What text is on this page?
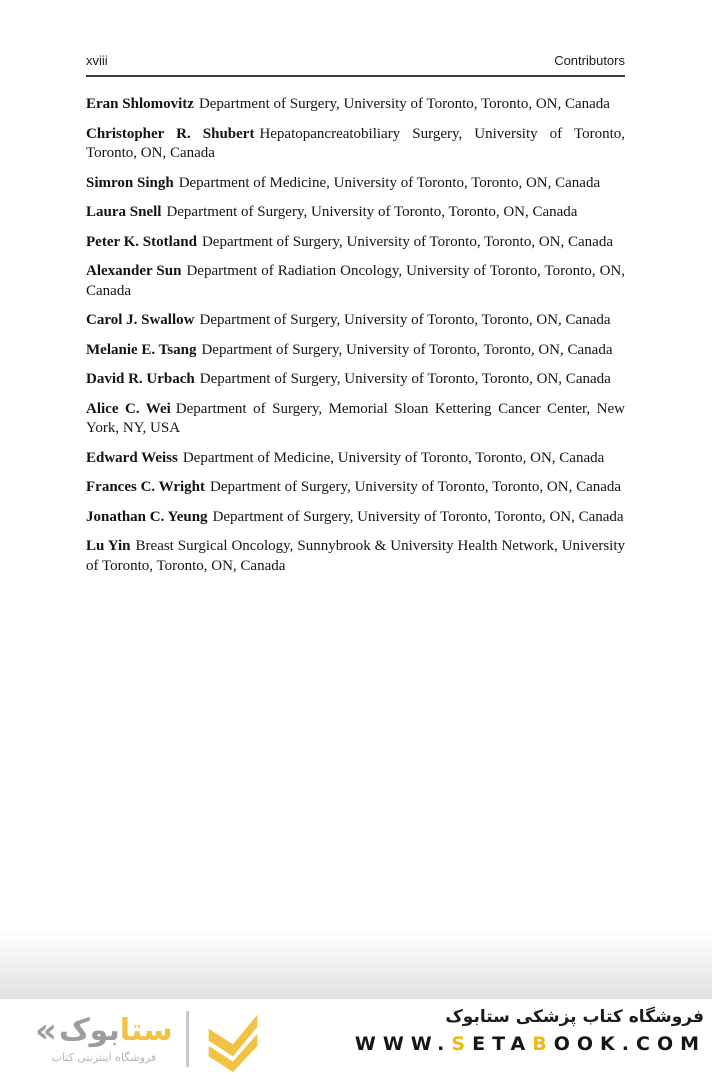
xviii	Contributors

Eran Shlomovitz Department of Surgery, University of Toronto, Toronto, ON, Canada

Christopher R. Shubert Hepatopancreatobiliary Surgery, University of Toronto, Toronto, ON, Canada

Simron Singh Department of Medicine, University of Toronto, Toronto, ON, Canada

Laura Snell Department of Surgery, University of Toronto, Toronto, ON, Canada

Peter K. Stotland Department of Surgery, University of Toronto, Toronto, ON, Canada

Alexander Sun Department of Radiation Oncology, University of Toronto, Toronto, ON, Canada

Carol J. Swallow Department of Surgery, University of Toronto, Toronto, ON, Canada

Melanie E. Tsang Department of Surgery, University of Toronto, Toronto, ON, Canada

David R. Urbach Department of Surgery, University of Toronto, Toronto, ON, Canada

Alice C. Wei Department of Surgery, Memorial Sloan Kettering Cancer Center, New York, NY, USA

Edward Weiss Department of Medicine, University of Toronto, Toronto, ON, Canada

Frances C. Wright Department of Surgery, University of Toronto, Toronto, ON, Canada

Jonathan C. Yeung Department of Surgery, University of Toronto, Toronto, ON, Canada

Lu Yin Breast Surgical Oncology, Sunnybrook & University Health Network, University of Toronto, Toronto, ON, Canada

« بوک ستا
فروشگاه اینترنتی کتاب
فروشگاه کتاب پزشکی ستابوک
WWW.SETABOOK.COM
